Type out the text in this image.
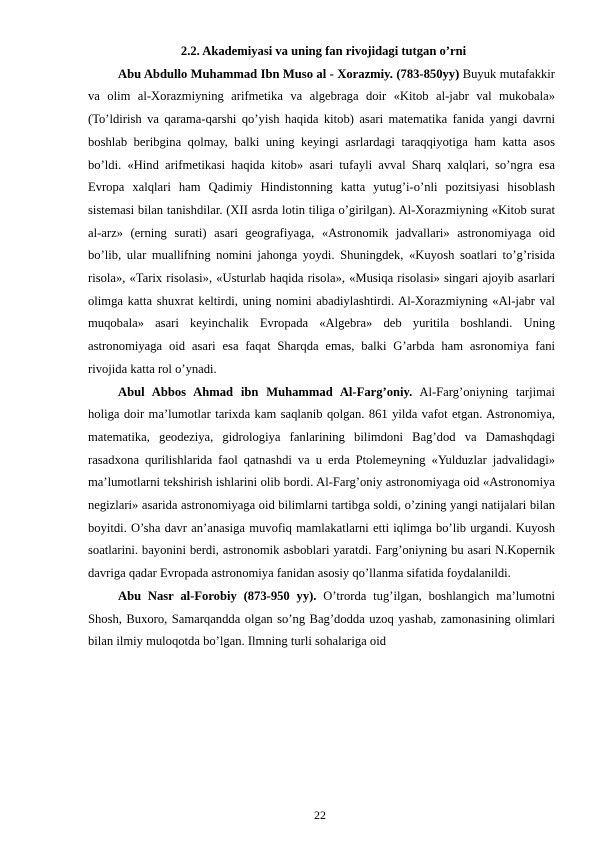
2.2. Akademiyasi va uning fan rivojidagi tutgan o’rni

Abu Abdullo Muhammad Ibn Muso al - Xorazmiy. (783-850yy) Buyuk mutafakkir va olim al-Xorazmiyning arifmetika va algebraga doir «Kitob al-jabr val mukobala» (To’ldirish va qarama-qarshi qo’yish haqida kitob) asari matematika fanida yangi davrni boshlab beribgina qolmay, balki uning keyingi asrlardagi taraqqiyotiga ham katta asos bo’ldi. «Hind arifmetikasi haqida kitob» asari tufayli avval Sharq xalqlari, so’ngra esa Evropa xalqlari ham Qadimiy Hindistonning katta yutug’i-o’nli pozitsiyasi hisoblash sistemasi bilan tanishdilar. (XII asrda lotin tiliga o’girilgan). Al-Xorazmiyning «Kitob surat al-arz» (erning surati) asari geografiyaga, «Astronomik jadvallari» astronomiyaga oid bo’lib, ular muallifning nomini jahonga yoydi. Shuningdek, «Kuyosh soatlari to’g’risida risola», «Tarix risolasi», «Usturlab haqida risola», «Musiqa risolasi» singari ajoyib asarlari olimga katta shuxrat keltirdi, uning nomini abadiylashtirdi. Al-Xorazmiyning «Al-jabr val muqobala» asari keyinchalik Evropada «Algebra» deb yuritila boshlandi. Uning astronomiyaga oid asari esa faqat Sharqda emas, balki G’arbda ham asronomiya fani rivojida katta rol o’ynadi.

Abul Abbos Ahmad ibn Muhammad Al-Farg’oniy. Al-Farg’oniyning tarjimai holiga doir ma’lumotlar tarixda kam saqlanib qolgan. 861 yilda vafot etgan. Astronomiya, matematika, geodeziya, gidrologiya fanlarining bilimdoni Bag’dod va Damashqdagi rasadxona qurilishlarida faol qatnashdi va u erda Ptolemeyning «Yulduzlar jadvalidagi» ma’lumotlarni tekshirish ishlarini olib bordi. Al-Farg’oniy astronomiyaga oid «Astronomiya negizlari» asarida astronomiyaga oid bilimlarni tartibga soldi, o’zining yangi natijalari bilan boyitdi. O’sha davr an’anasiga muvofiq mamlakatlarni etti iqlimga bo’lib urgandi. Kuyosh soatlarini. bayonini berdi, astronomik asboblari yaratdi. Farg’oniyning bu asari N.Kopernik davriga qadar Evropada astronomiya fanidan asosiy qo’llanma sifatida foydalanildi.

Abu Nasr al-Forobiy (873-950 yy). O’trorda tug’ilgan, boshlangich ma’lumotni Shosh, Buxoro, Samarqandda olgan so’ng Bag’dodda uzoq yashab, zamonasining olimlari bilan ilmiy muloqotda bo’lgan. Ilmning turli sohalariga oid

22
